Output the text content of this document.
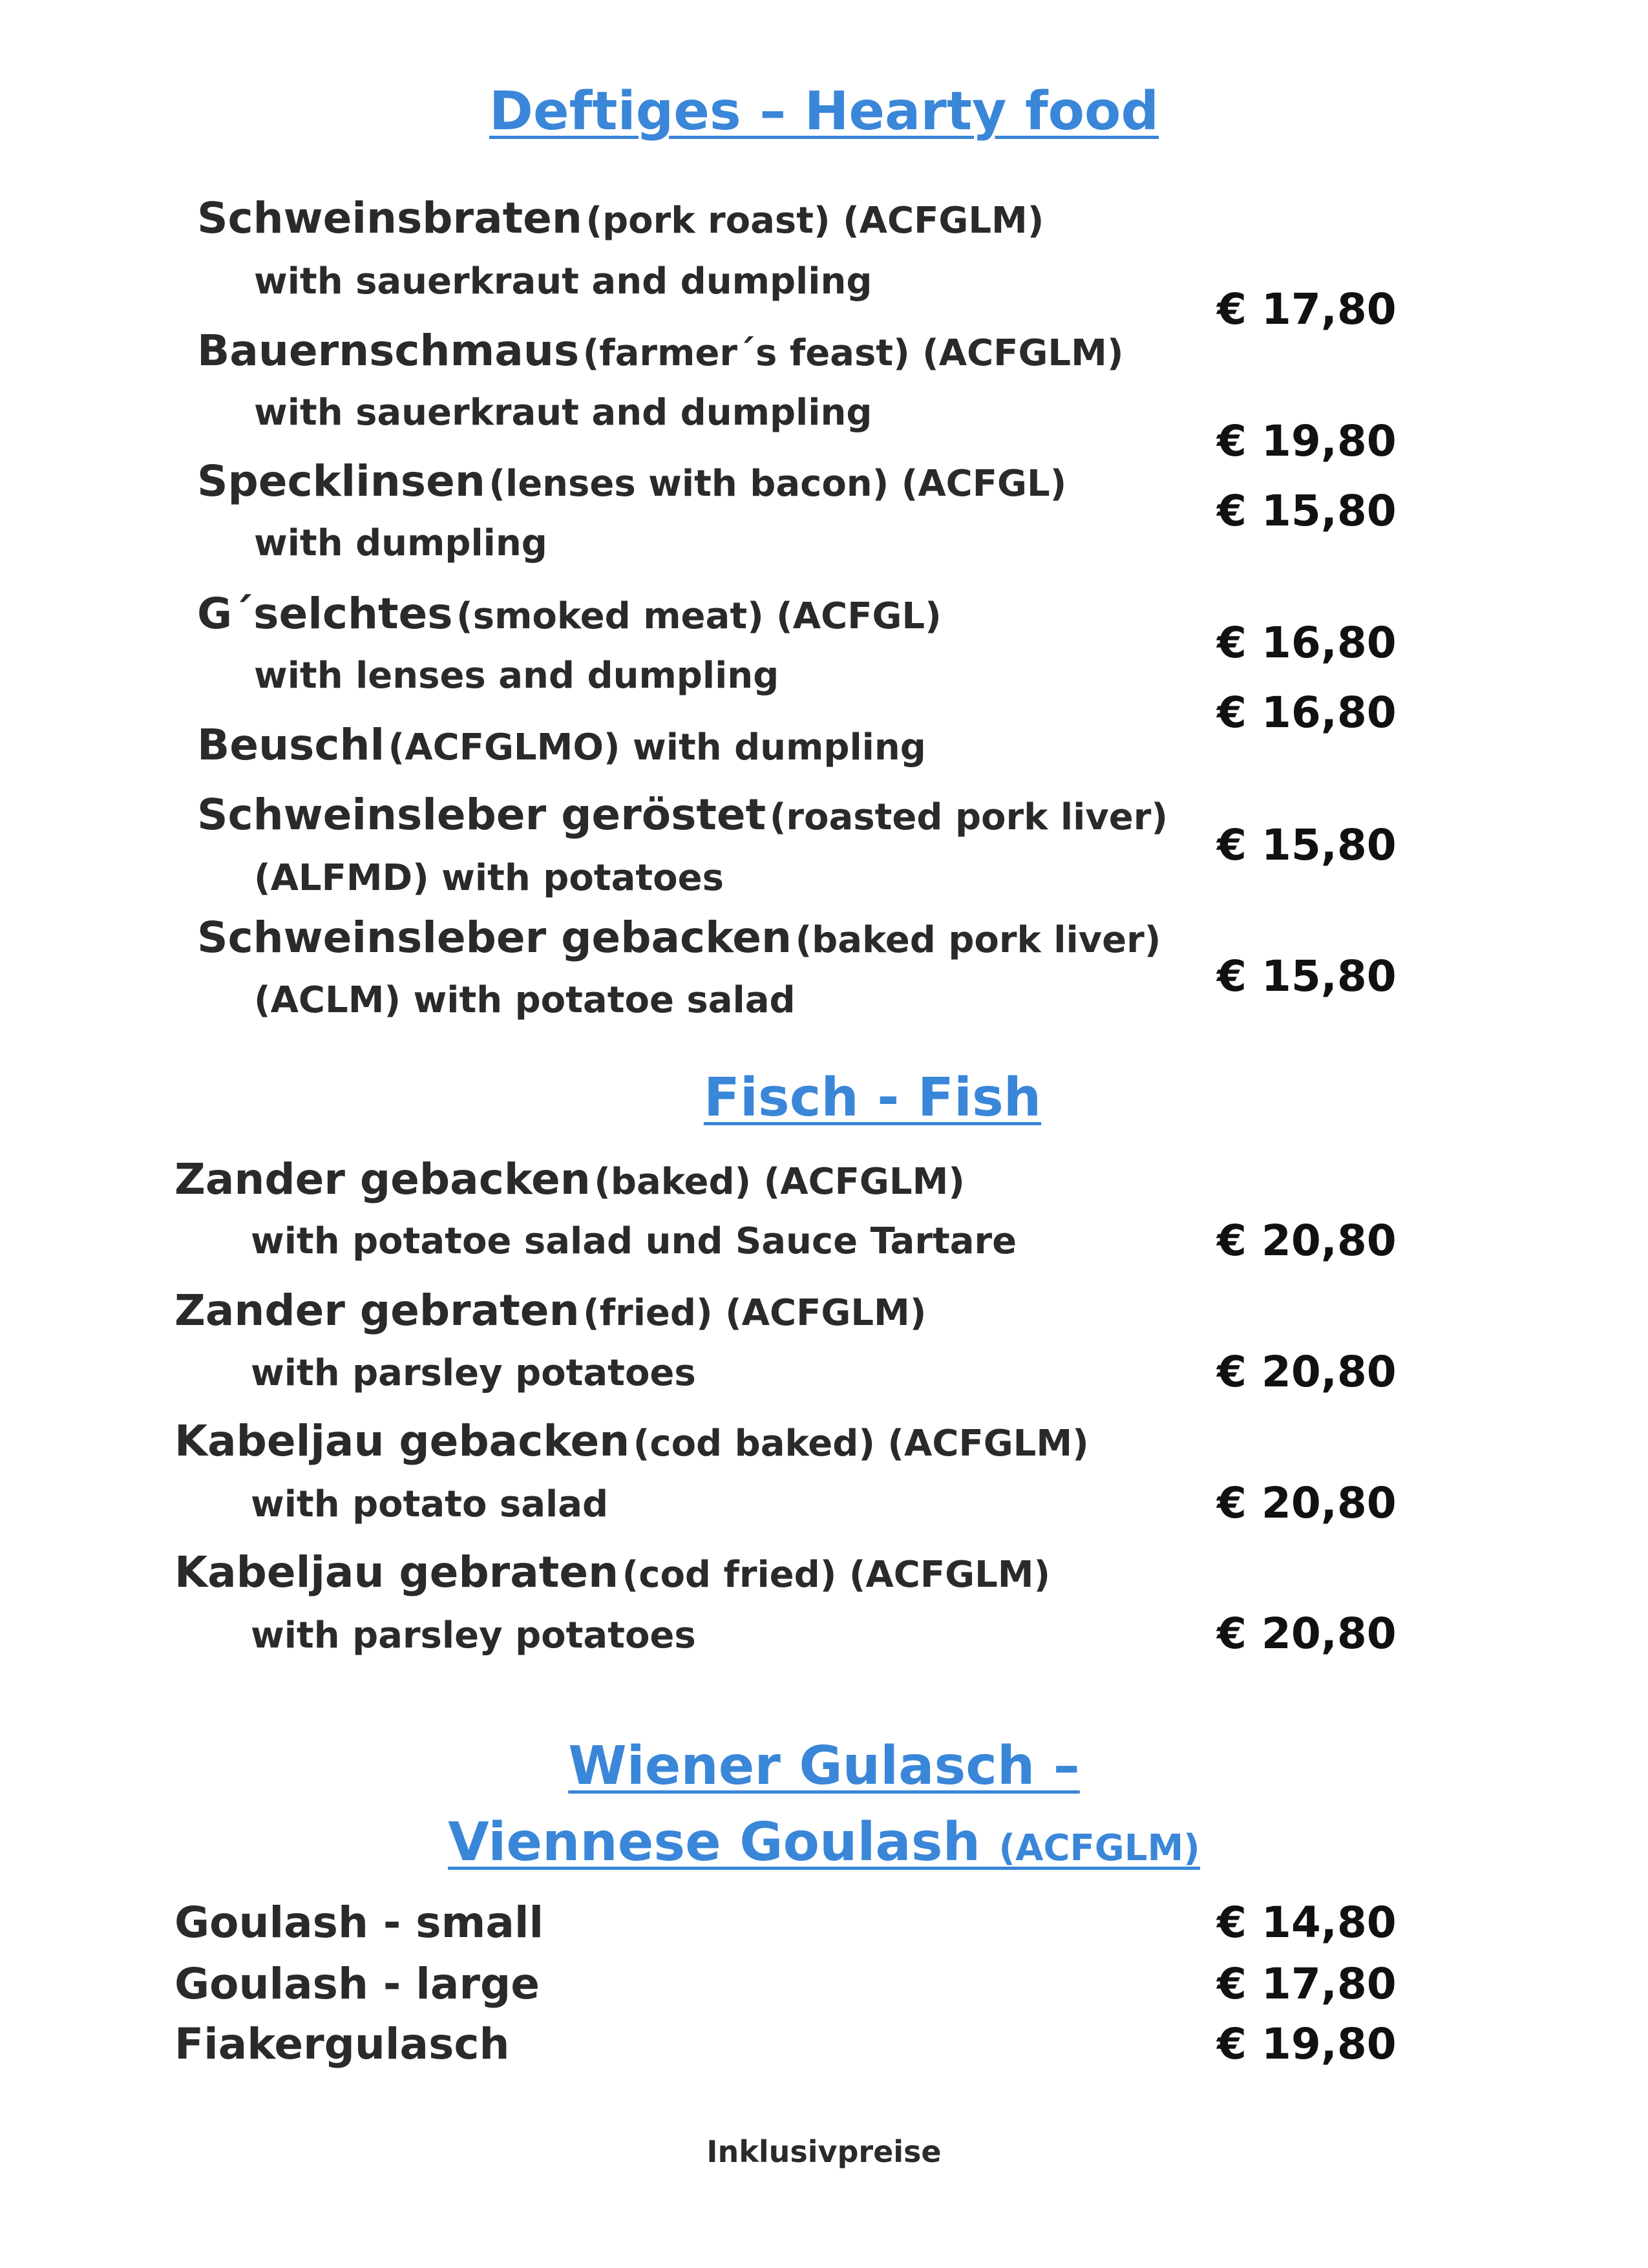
Deftiges – Hearty food
Schweinsbraten (pork roast) (ACFGLM)
with sauerkraut and dumpling
€ 17,80
Bauernschmaus (farmer´s feast) (ACFGLM)
with sauerkraut and dumpling
€ 19,80
Specklinsen (lenses with bacon) (ACFGL)
with dumpling
€ 15,80
G´selchtes (smoked meat) (ACFGL)
with lenses and dumpling
€ 16,80
Beuschl (ACFGLMO) with dumpling
€ 16,80
Schweinsleber geröstet (roasted pork liver)
(ALFMD) with potatoes
€ 15,80
Schweinsleber gebacken (baked pork liver)
(ACLM) with potatoe salad	€ 15,80
Fisch - Fish
Zander gebacken (baked) (ACFGLM)
with potatoe salad und Sauce Tartare	€ 20,80
Zander gebraten (fried) (ACFGLM)
with parsley potatoes	€ 20,80
Kabeljau gebacken (cod baked) (ACFGLM)
with potato salad	€ 20,80
Kabeljau gebraten (cod fried) (ACFGLM)
with parsley potatoes	€ 20,80
Wiener Gulasch –
Viennese Goulash (ACFGLM)
Goulash - small	€ 14,80
Goulash - large	€ 17,80
Fiakergulasch	€ 19,80
Inklusivpreise
